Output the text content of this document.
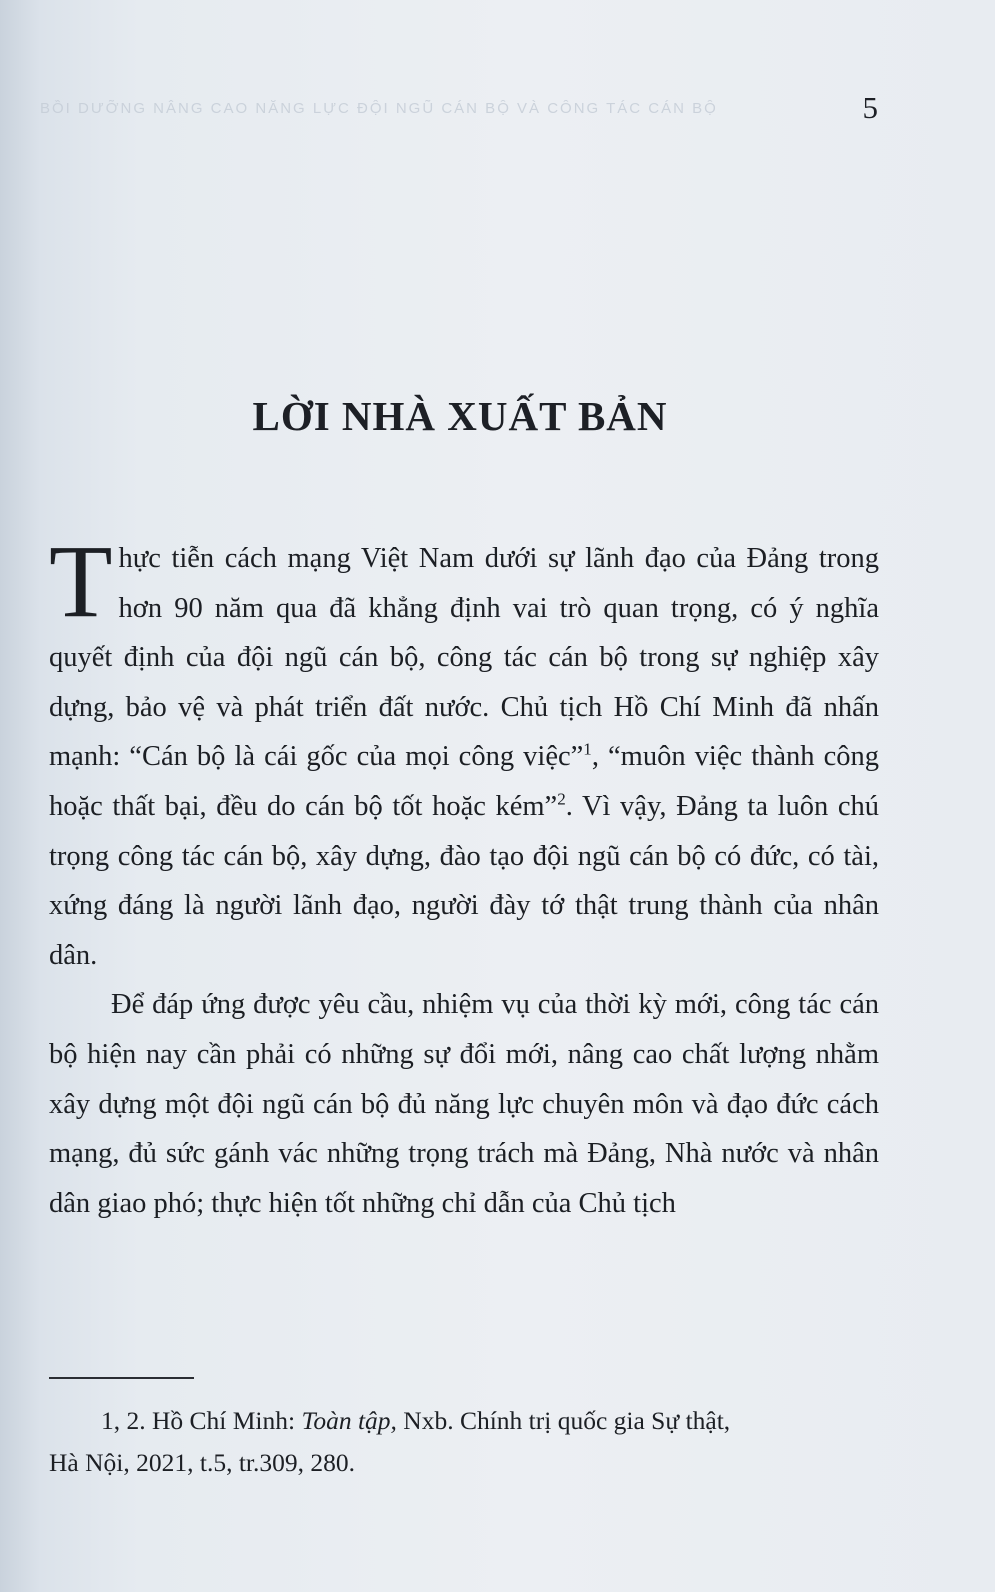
BỒI DƯỠNG NÂNG CAO NĂNG LỰC ĐỘI NGŨ CÁN BỘ VÀ CÔNG TÁC CÁN BỘ	5
LỜI NHÀ XUẤT BẢN

Thực tiễn cách mạng Việt Nam dưới sự lãnh đạo của Đảng trong hơn 90 năm qua đã khẳng định vai trò quan trọng, có ý nghĩa quyết định của đội ngũ cán bộ, công tác cán bộ trong sự nghiệp xây dựng, bảo vệ và phát triển đất nước. Chủ tịch Hồ Chí Minh đã nhấn mạnh: “Cán bộ là cái gốc của mọi công việc”$^1$, “muôn việc thành công hoặc thất bại, đều do cán bộ tốt hoặc kém”$^2$. Vì vậy, Đảng ta luôn chú trọng công tác cán bộ, xây dựng, đào tạo đội ngũ cán bộ có đức, có tài, xứng đáng là người lãnh đạo, người đày tớ thật trung thành của nhân dân.

Để đáp ứng được yêu cầu, nhiệm vụ của thời kỳ mới, công tác cán bộ hiện nay cần phải có những sự đổi mới, nâng cao chất lượng nhằm xây dựng một đội ngũ cán bộ đủ năng lực chuyên môn và đạo đức cách mạng, đủ sức gánh vác những trọng trách mà Đảng, Nhà nước và nhân dân giao phó; thực hiện tốt những chỉ dẫn của Chủ tịch

1, 2. Hồ Chí Minh: Toàn tập, Nxb. Chính trị quốc gia Sự thật,
Hà Nội, 2021, t.5, tr.309, 280.
